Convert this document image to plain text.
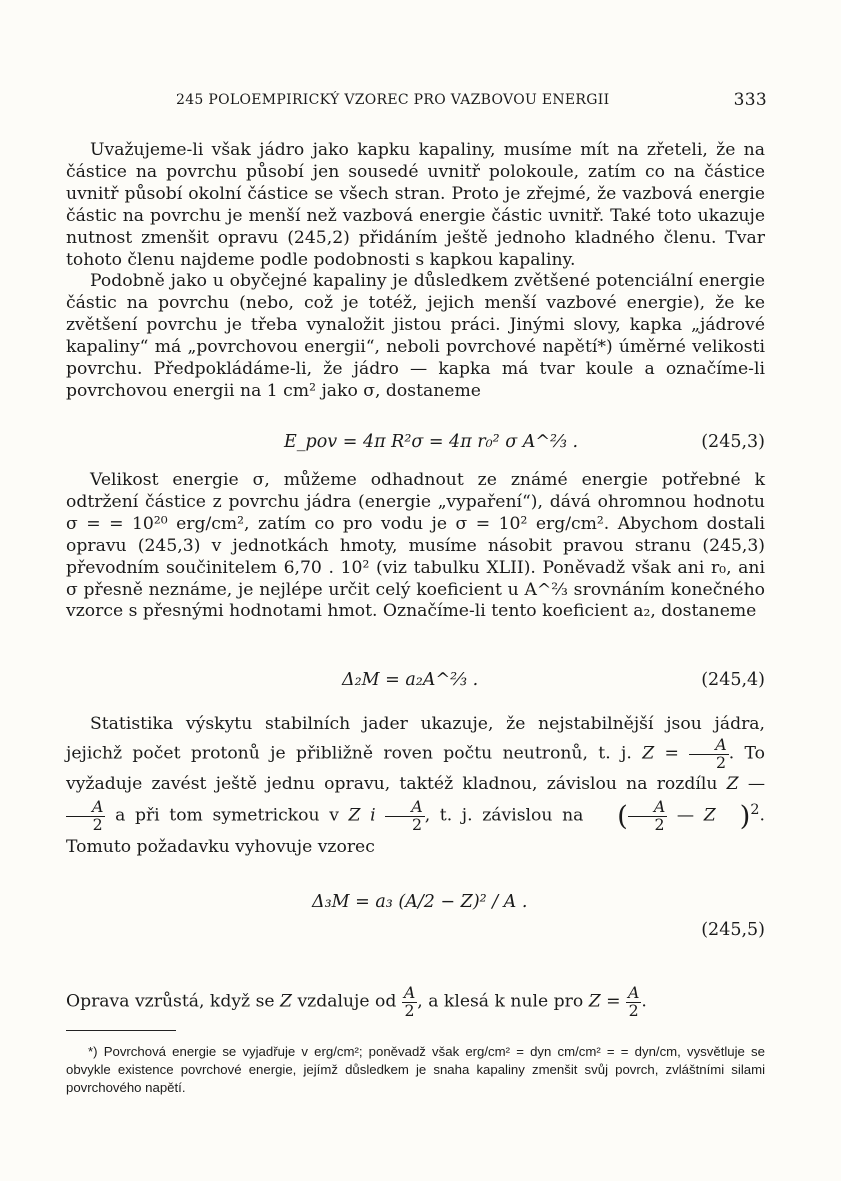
245 POLOEMPIRICKÝ VZOREC PRO VAZBOVOU ENERGII	333

Uvažujeme-li však jádro jako kapku kapaliny, musíme mít na zřeteli, že na částice na povrchu působí jen sousedé uvnitř polokoule, zatím co na částice uvnitř působí okolní částice se všech stran. Proto je zřejmé, že vazbová energie částic na povrchu je menší než vazbová energie částic uvnitř. Také toto ukazuje nutnost zmenšit opravu (245,2) přidáním ještě jednoho kladného členu. Tvar tohoto členu najdeme podle podobnosti s kapkou kapaliny.

Podobně jako u obyčejné kapaliny je důsledkem zvětšené potenciální energie částic na povrchu (nebo, což je totéž, jejich menší vazbové energie), že ke zvětšení povrchu je třeba vynaložit jistou práci. Jinými slovy, kapka „jádrové kapaliny“ má „povrchovou energii“, neboli povrchové napětí*) úměrné velikosti povrchu. Předpokládáme-li, že jádro — kapka má tvar koule a označíme-li povrchovou energii na 1 cm² jako σ, dostaneme

E_pov = 4π R²σ = 4π r₀² σ A^⅔ .	(245,3)

Velikost energie σ, můžeme odhadnout ze známé energie potřebné k odtržení částice z povrchu jádra (energie „vypaření“), dává ohromnou hodnotu σ = = 10²⁰ erg/cm², zatím co pro vodu je σ = 10² erg/cm². Abychom dostali opravu (245,3) v jednotkách hmoty, musíme násobit pravou stranu (245,3) převodním součinitelem 6,70 . 10² (viz tabulku XLII). Poněvadž však ani r₀, ani σ přesně neznáme, je nejlépe určit celý koeficient u A^⅔ srovnáním konečného vzorce s přesnými hodnotami hmot. Označíme-li tento koeficient a₂, dostaneme

Δ₂M = a₂A^⅔ .	(245,4)

Statistika výskytu stabilních jader ukazuje, že nejstabilnější jsou jádra, jejichž počet protonů je přibližně roven počtu neutronů, t. j. $Z = \frac{A}{2}$ . To vyžaduje zavést ještě jednu opravu, taktéž kladnou, závislou na rozdílu Z —
$\frac{A}{2}$ a při tom symetrickou v Z i $\frac{A}{2}$ , t. j. závislou na ( $\frac{A}{2}$ — Z )$^2$. Tomuto požadavku vyhovuje vzorec

Δ₃M = a₃ (A/2 − Z)² / A .
(245,5)

Oprava vzrůstá, když se Z vzdaluje od $\frac{A}{2}$ , a klesá k nule pro $Z = \frac{A}{2}$ .

*) Povrchová energie se vyjadřuje v erg/cm²; poněvadž však erg/cm² = dyn cm/cm² = = dyn/cm, vysvětluje se obvykle existence povrchové energie, jejímž důsledkem je snaha kapaliny zmenšit svůj povrch, zvláštními silami povrchového napětí.
